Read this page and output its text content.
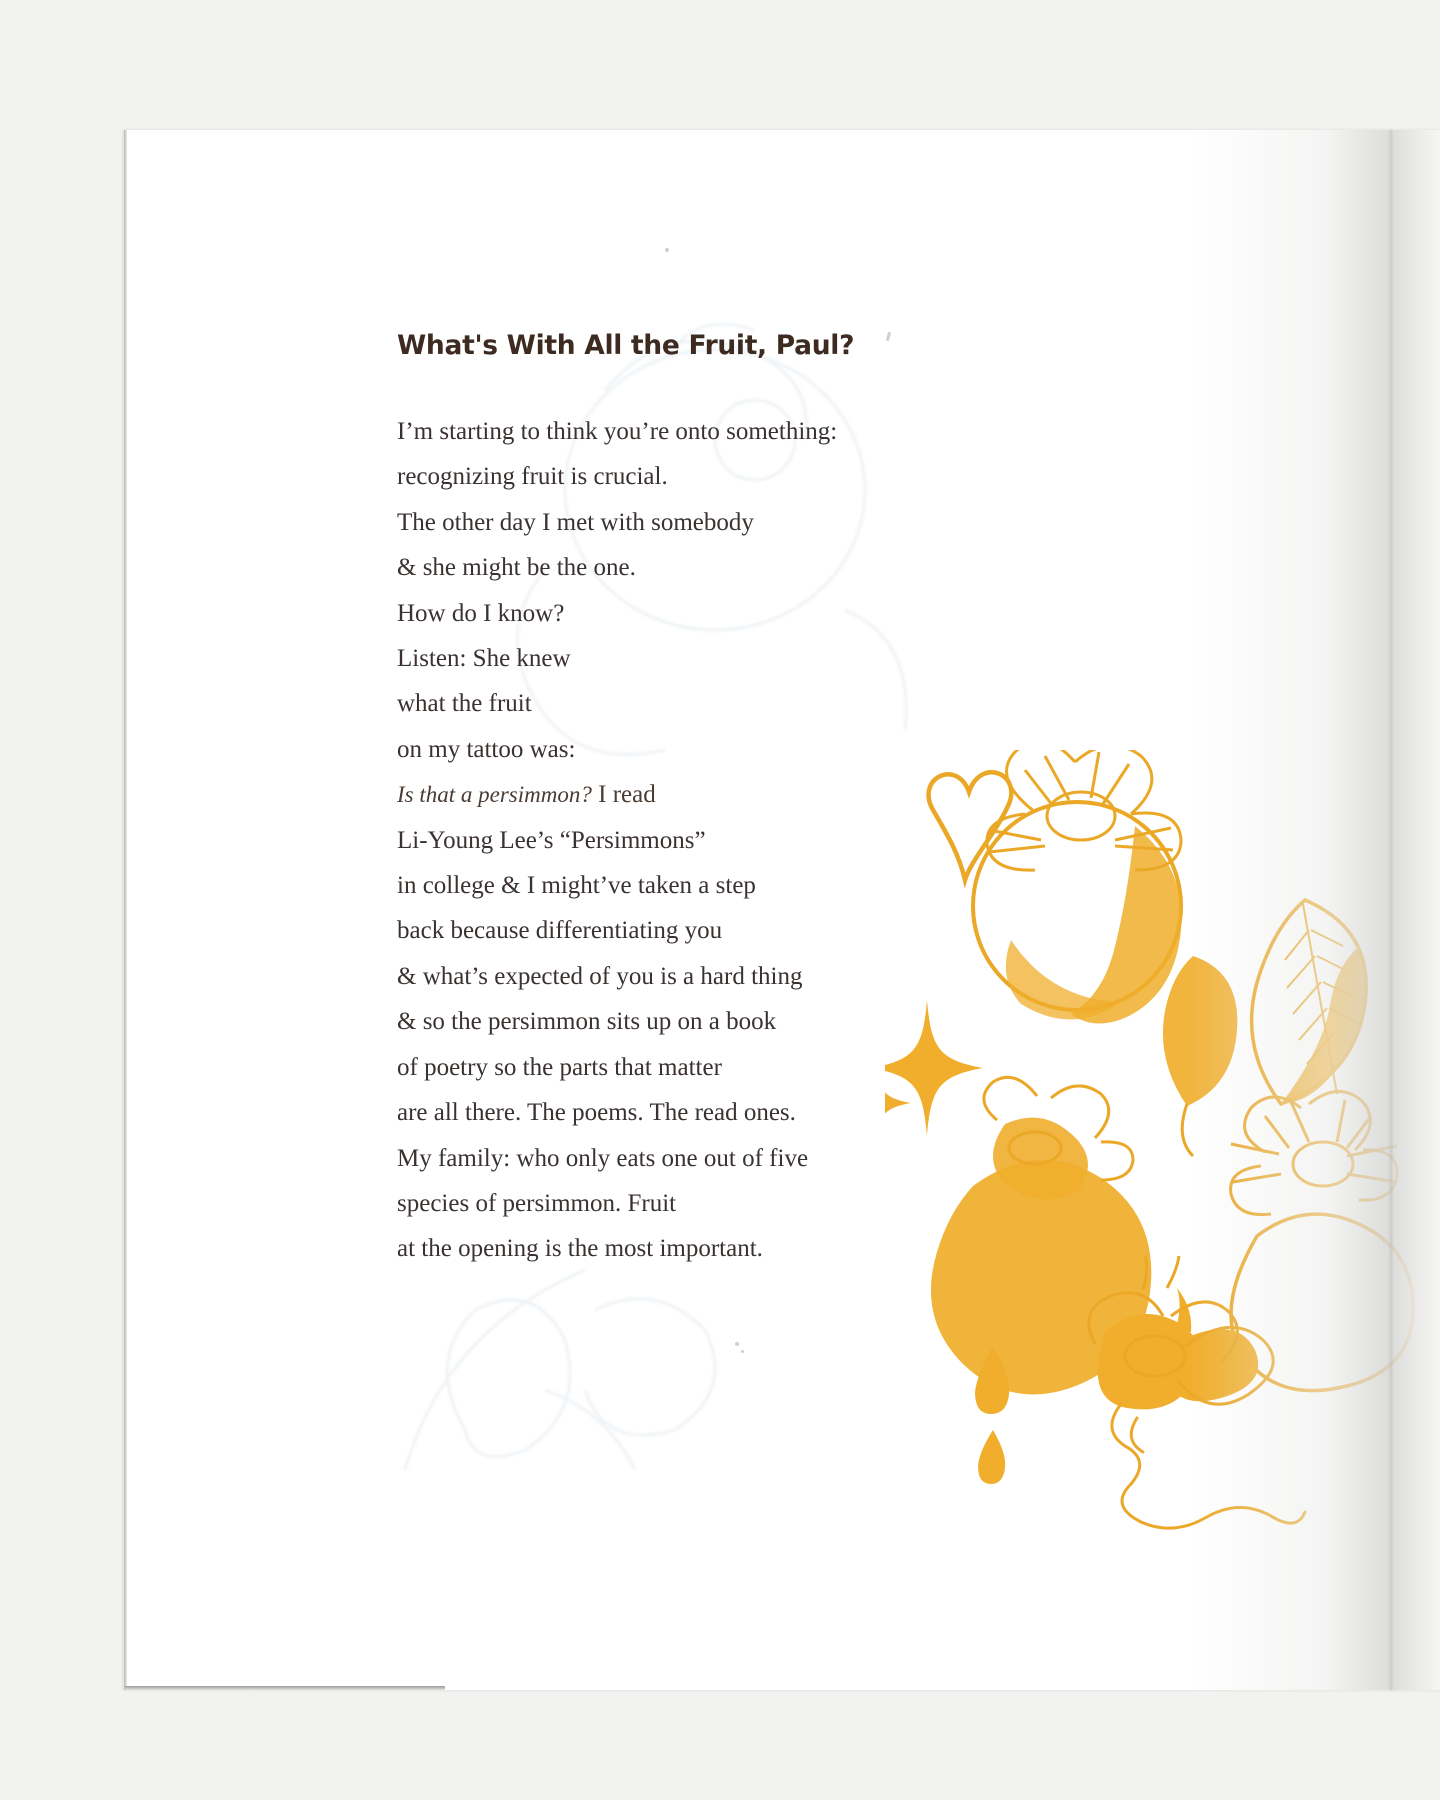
What's With All the Fruit, Paul?
I’m starting to think you’re onto something:
recognizing fruit is crucial.
The other day I met with somebody
& she might be the one.
How do I know?
Listen: She knew
what the fruit
on my tattoo was:
Is that a persimmon? I read
Li-Young Lee’s “Persimmons”
in college & I might’ve taken a step
back because differentiating you
& what’s expected of you is a hard thing
& so the persimmon sits up on a book
of poetry so the parts that matter
are all there. The poems. The read ones.
My family: who only eats one out of five
species of persimmon. Fruit
at the opening is the most important.
